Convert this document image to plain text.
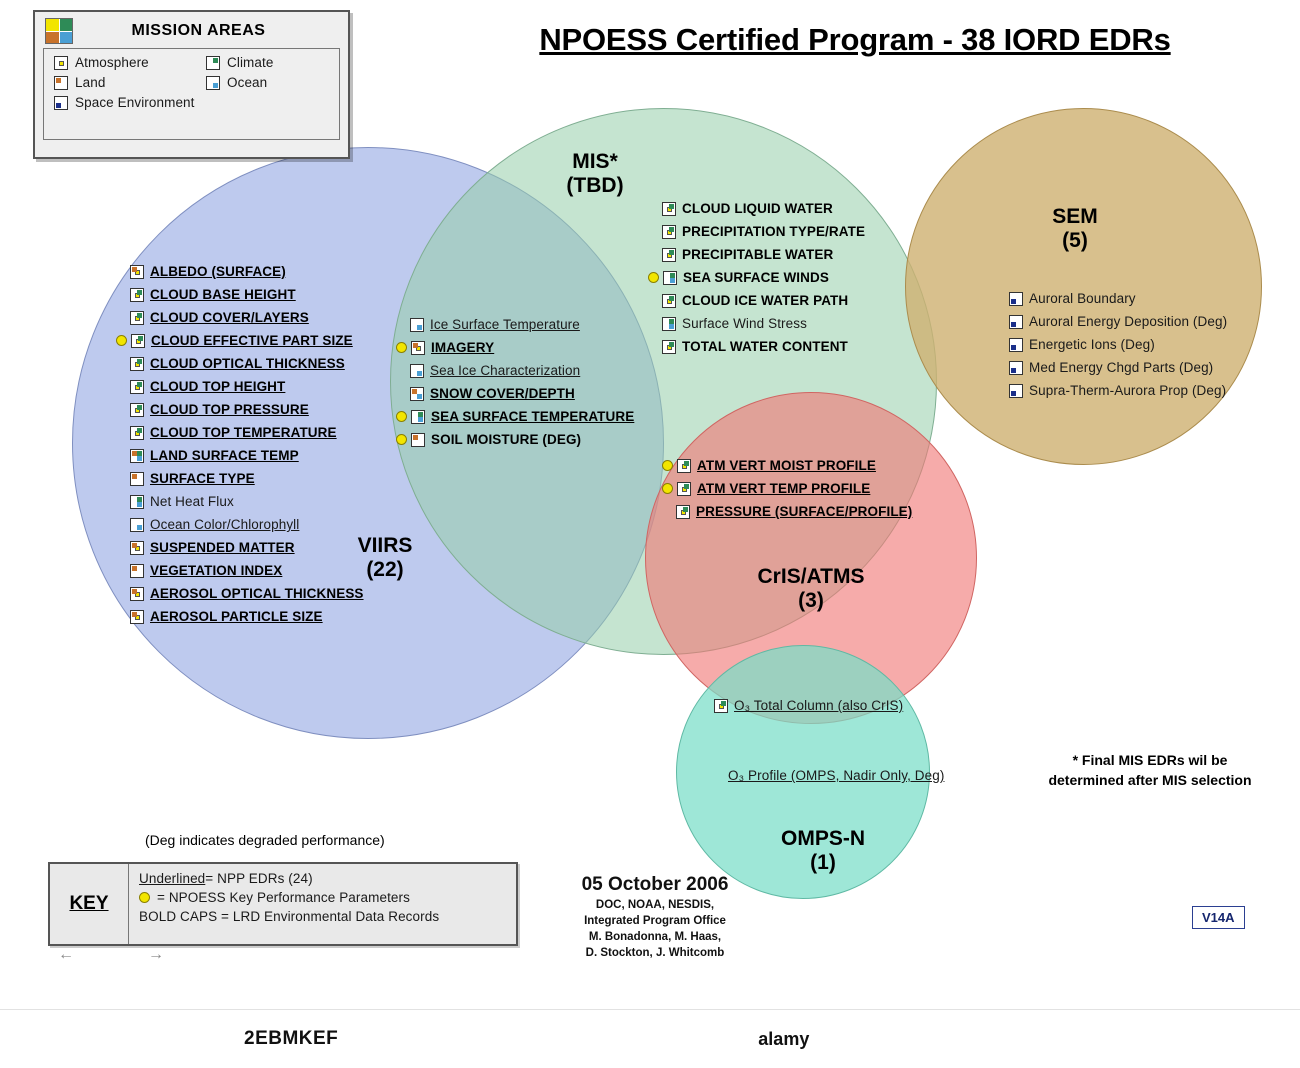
VIIRS
(22)
MIS*
(TBD)
SEM
(5)
CrIS/ATMS
(3)
OMPS-N
(1)
NPOESS Certified Program - 38 IORD EDRs
MISSION AREAS
Atmosphere	Climate
Land	Ocean
Space Environment
ALBEDO (SURFACE)
CLOUD BASE HEIGHT
CLOUD COVER/LAYERS
CLOUD EFFECTIVE PART SIZE
CLOUD OPTICAL THICKNESS
CLOUD TOP HEIGHT
CLOUD TOP PRESSURE
CLOUD TOP TEMPERATURE
LAND SURFACE TEMP
SURFACE TYPE
Net Heat Flux
Ocean Color/Chlorophyll
SUSPENDED MATTER
VEGETATION INDEX
AEROSOL OPTICAL THICKNESS
AEROSOL PARTICLE SIZE
Ice Surface Temperature
IMAGERY
Sea Ice Characterization
SNOW COVER/DEPTH
SEA SURFACE TEMPERATURE
SOIL MOISTURE (DEG)
CLOUD LIQUID WATER
PRECIPITATION TYPE/RATE
PRECIPITABLE WATER
SEA SURFACE WINDS
CLOUD ICE WATER PATH
Surface Wind Stress
TOTAL WATER CONTENT
ATM VERT MOIST PROFILE
ATM VERT TEMP PROFILE
PRESSURE (SURFACE/PROFILE)
Auroral Boundary
Auroral Energy Deposition (Deg)
Energetic Ions (Deg)
Med Energy Chgd Parts (Deg)
Supra-Therm-Aurora Prop (Deg)
O₃ Total Column (also CrIS)
O₃ Profile (OMPS, Nadir Only, Deg)
* Final MIS EDRs wil be determined after MIS selection
(Deg indicates degraded performance)
KEY
Underlined = NPP EDRs (24)
= NPOESS Key Performance Parameters
BOLD CAPS = LRD Environmental Data Records
←	→
05 October 2006
DOC, NOAA, NESDIS,
Integrated Program Office
M. Bonadonna, M. Haas,
D. Stockton, J. Whitcomb
V14A
2EBMKEF	alamy
